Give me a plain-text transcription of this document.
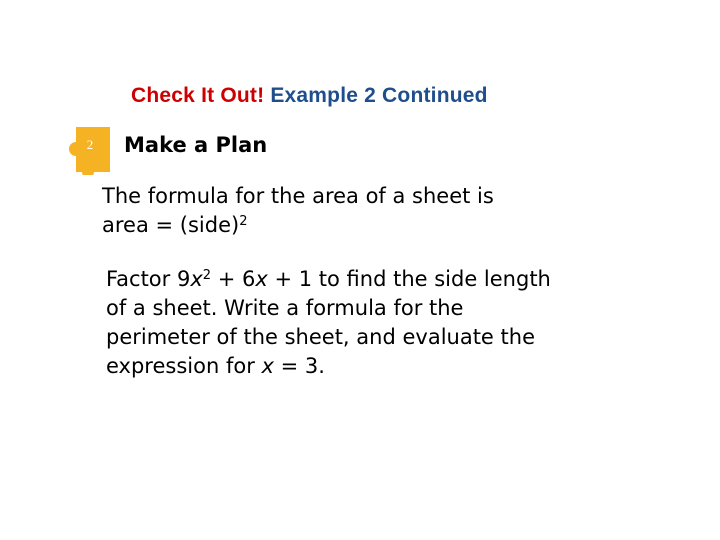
Check It Out! Example 2 Continued
2 Make a Plan
The formula for the area of a sheet is
area = (side)$^2$
Factor $9x^2 + 6x + 1$ to find the side length
of a sheet. Write a formula for the
perimeter of the sheet, and evaluate the
expression for x = 3.
